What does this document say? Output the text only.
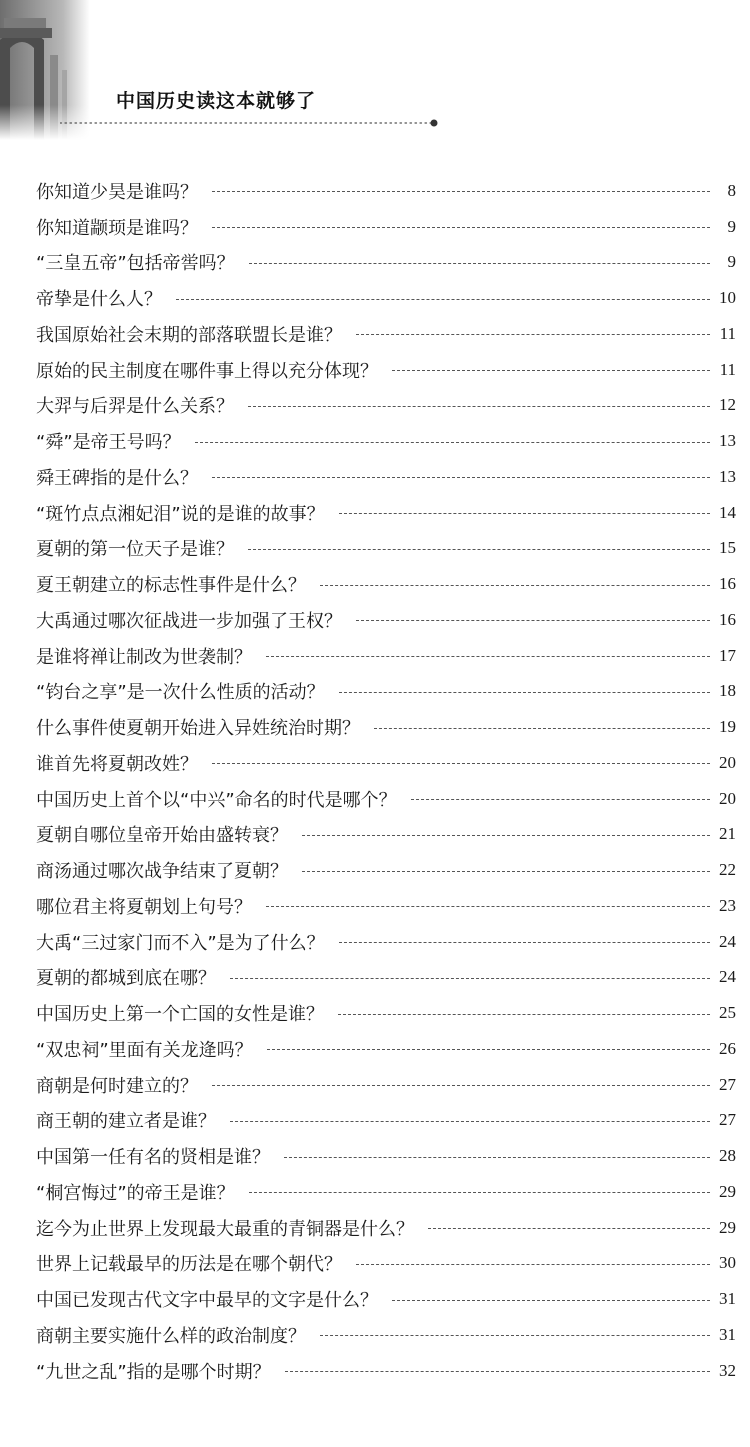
中国历史读这本就够了
你知道少昊是谁吗？	8
你知道颛顼是谁吗？	9
“三皇五帝”包括帝喾吗？	9
帝挚是什么人？	10
我国原始社会末期的部落联盟长是谁？	11
原始的民主制度在哪件事上得以充分体现？	11
大羿与后羿是什么关系？	12
“舜”是帝王号吗？	13
舜王碑指的是什么？	13
“斑竹点点湘妃泪”说的是谁的故事？	14
夏朝的第一位天子是谁？	15
夏王朝建立的标志性事件是什么？	16
大禹通过哪次征战进一步加强了王权？	16
是谁将禅让制改为世袭制？	17
“钧台之享”是一次什么性质的活动？	18
什么事件使夏朝开始进入异姓统治时期？	19
谁首先将夏朝改姓？	20
中国历史上首个以“中兴”命名的时代是哪个？	20
夏朝自哪位皇帝开始由盛转衰？	21
商汤通过哪次战争结束了夏朝？	22
哪位君主将夏朝划上句号？	23
大禹“三过家门而不入”是为了什么？	24
夏朝的都城到底在哪？	24
中国历史上第一个亡国的女性是谁？	25
“双忠祠”里面有关龙逄吗？	26
商朝是何时建立的？	27
商王朝的建立者是谁？	27
中国第一任有名的贤相是谁？	28
“桐宫悔过”的帝王是谁？	29
迄今为止世界上发现最大最重的青铜器是什么？	29
世界上记载最早的历法是在哪个朝代？	30
中国已发现古代文字中最早的文字是什么？	31
商朝主要实施什么样的政治制度？	31
“九世之乱”指的是哪个时期？	32
